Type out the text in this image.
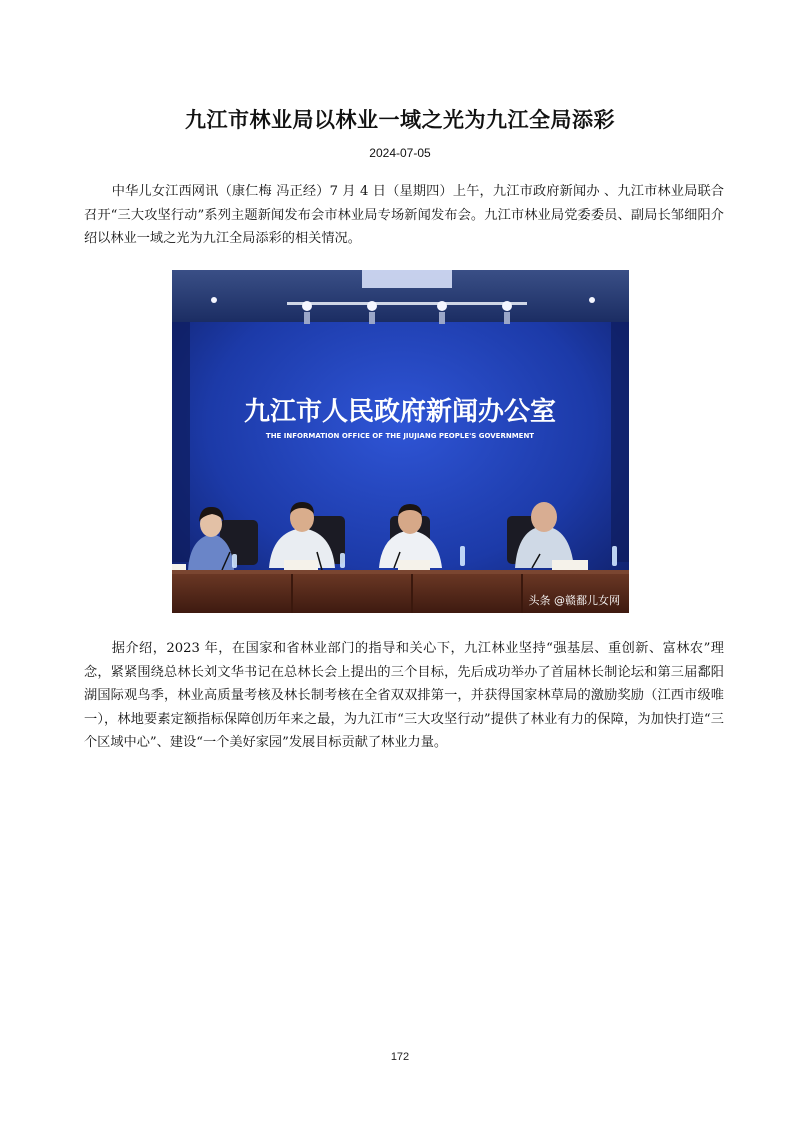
九江市林业局以林业一域之光为九江全局添彩
2024-07-05

中华儿女江西网讯（康仁梅 冯正经）7 月 4 日（星期四）上午，九江市政府新闻办 、九江市林业局联合召开“三大攻坚行动”系列主题新闻发布会市林业局专场新闻发布会。九江市林业局党委委员、副局长邹细阳介绍以林业一域之光为九江全局添彩的相关情况。

九江市人民政府新闻办公室
THE INFORMATION OFFICE OF THE JIUJIANG PEOPLE'S GOVERNMENT
头条 @赣鄱儿女网

据介绍，2023 年，在国家和省林业部门的指导和关心下，九江林业坚持“强基层、重创新、富林农”理念，紧紧围绕总林长刘文华书记在总林长会上提出的三个目标，先后成功举办了首届林长制论坛和第三届鄱阳湖国际观鸟季，林业高质量考核及林长制考核在全省双双排第一，并获得国家林草局的激励奖励（江西市级唯一），林地要素定额指标保障创历年来之最，为九江市“三大攻坚行动”提供了林业有力的保障，为加快打造“三个区域中心”、建设“一个美好家园”发展目标贡献了林业力量。

172
